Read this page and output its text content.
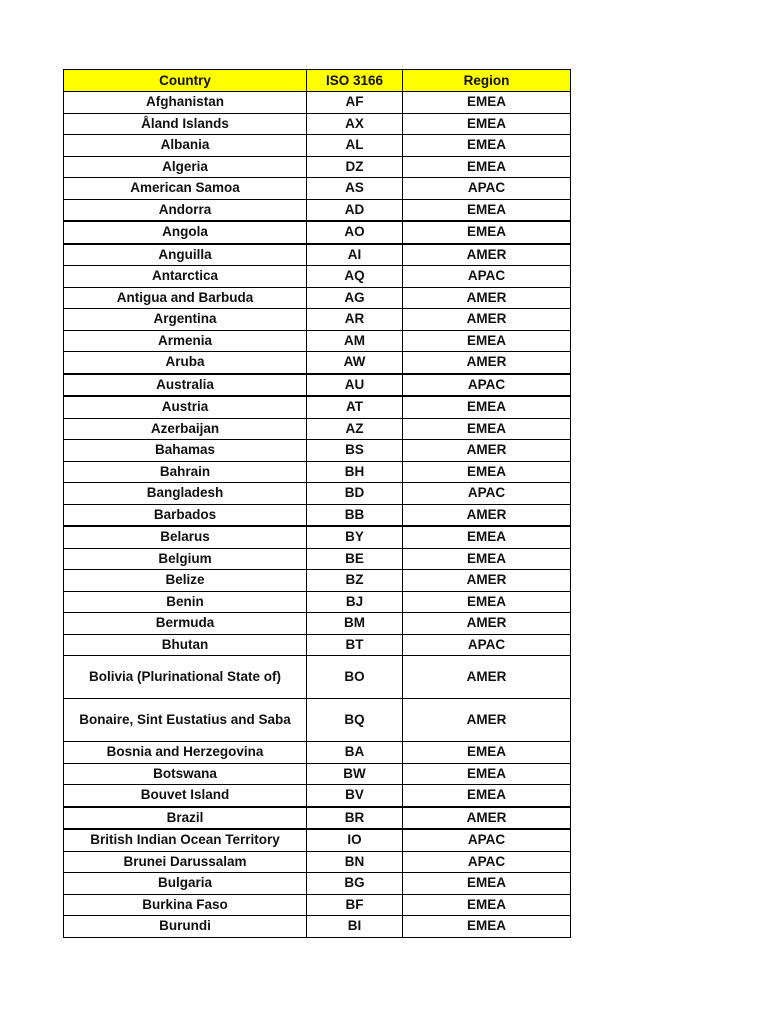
Country	ISO 3166	Region
Afghanistan	AF	EMEA
Åland Islands	AX	EMEA
Albania	AL	EMEA
Algeria	DZ	EMEA
American Samoa	AS	APAC
Andorra	AD	EMEA
Angola	AO	EMEA
Anguilla	AI	AMER
Antarctica	AQ	APAC
Antigua and Barbuda	AG	AMER
Argentina	AR	AMER
Armenia	AM	EMEA
Aruba	AW	AMER
Australia	AU	APAC
Austria	AT	EMEA
Azerbaijan	AZ	EMEA
Bahamas	BS	AMER
Bahrain	BH	EMEA
Bangladesh	BD	APAC
Barbados	BB	AMER
Belarus	BY	EMEA
Belgium	BE	EMEA
Belize	BZ	AMER
Benin	BJ	EMEA
Bermuda	BM	AMER
Bhutan	BT	APAC
Bolivia (Plurinational State of)	BO	AMER
Bonaire, Sint Eustatius and Saba	BQ	AMER
Bosnia and Herzegovina	BA	EMEA
Botswana	BW	EMEA
Bouvet Island	BV	EMEA
Brazil	BR	AMER
British Indian Ocean Territory	IO	APAC
Brunei Darussalam	BN	APAC
Bulgaria	BG	EMEA
Burkina Faso	BF	EMEA
Burundi	BI	EMEA
